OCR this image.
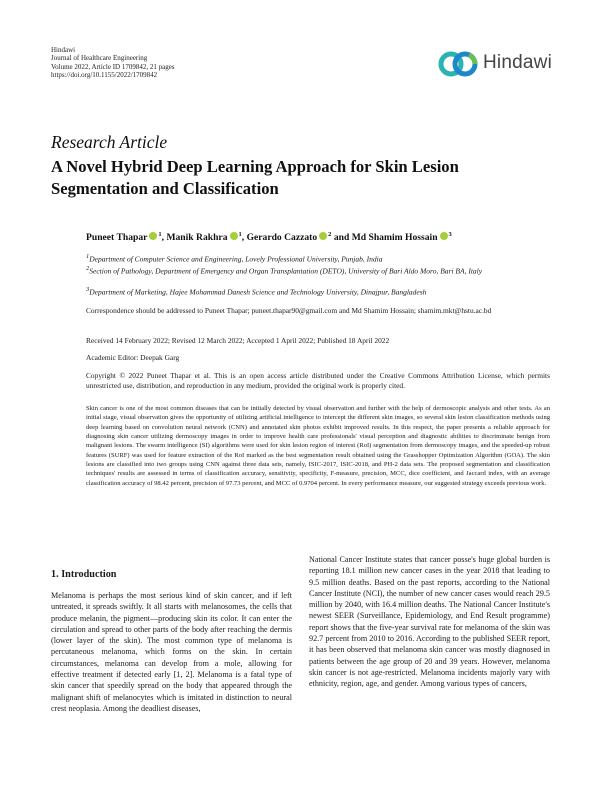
Hindawi
Journal of Healthcare Engineering
Volume 2022, Article ID 1709842, 21 pages
https://doi.org/10.1155/2022/1709842
Hindawi
Research Article
A Novel Hybrid Deep Learning Approach for Skin Lesion Segmentation and Classification
Puneet Thapar $^1$, Manik Rakhra $^1$, Gerardo Cazzato $^2$ and Md Shamim Hossain $^3$
$^1$Department of Computer Science and Engineering, Lovely Professional University, Punjab, India
$^2$Section of Pathology, Department of Emergency and Organ Transplantation (DETO), University of Bari Aldo Moro, Bari BA, Italy
$^3$Department of Marketing, Hajee Mohammad Danesh Science and Technology University, Dinajpur, Bangladesh
Correspondence should be addressed to Puneet Thapar; puneet.thapar90@gmail.com and Md Shamim Hossain; shamim.mkt@hstu.ac.bd
Received 14 February 2022; Revised 12 March 2022; Accepted 1 April 2022; Published 18 April 2022
Academic Editor: Deepak Garg
Copyright © 2022 Puneet Thapar et al. This is an open access article distributed under the Creative Commons Attribution License, which permits unrestricted use, distribution, and reproduction in any medium, provided the original work is properly cited.
Skin cancer is one of the most common diseases that can be initially detected by visual observation and further with the help of dermoscopic analysis and other tests. As an initial stage, visual observation gives the opportunity of utilizing artificial intelligence to intercept the different skin images, so several skin lesion classification methods using deep learning based on convolution neural network (CNN) and annotated skin photos exhibit improved results. In this respect, the paper presents a reliable approach for diagnosing skin cancer utilizing dermoscopy images in order to improve health care professionals' visual perception and diagnostic abilities to discriminate benign from malignant lesions. The swarm intelligence (SI) algorithms were used for skin lesion region of interest (RoI) segmentation from dermoscopy images, and the speeded-up robust features (SURF) was used for feature extraction of the RoI marked as the best segmentation result obtained using the Grasshopper Optimization Algorithm (GOA). The skin lesions are classified into two groups using CNN against three data sets, namely, ISIC-2017, ISIC-2018, and PH-2 data sets. The proposed segmentation and classification techniques' results are assessed in terms of classification accuracy, sensitivity, specificity, F-measure, precision, MCC, dice coefficient, and Jaccard index, with an average classification accuracy of 98.42 percent, precision of 97.73 percent, and MCC of 0.9704 percent. In every performance measure, our suggested strategy exceeds previous work.
1. Introduction
Melanoma is perhaps the most serious kind of skin cancer, and if left untreated, it spreads swiftly. It all starts with melanosomes, the cells that produce melanin, the pigment—producing skin its color. It can enter the circulation and spread to other parts of the body after reaching the dermis (lower layer of the skin). The most common type of melanoma is percutaneous melanoma, which forms on the skin. In certain circumstances, melanoma can develop from a mole, allowing for effective treatment if detected early [1, 2]. Melanoma is a fatal type of skin cancer that speedily spread on the body that appeared through the malignant shift of melanocytes which is imitated in distinction to neural crest neoplasia. Among the deadliest diseases,
National Cancer Institute states that cancer posse's huge global burden is reporting 18.1 million new cancer cases in the year 2018 that leading to 9.5 million deaths. Based on the past reports, according to the National Cancer Institute (NCI), the number of new cancer cases would reach 29.5 million by 2040, with 16.4 million deaths. The National Cancer Institute's newest SEER (Surveillance, Epidemiology, and End Result programme) report shows that the five-year survival rate for melanoma of the skin was 92.7 percent from 2010 to 2016. According to the published SEER report, it has been observed that melanoma skin cancer was mostly diagnosed in patients between the age group of 20 and 39 years. However, melanoma skin cancer is not age-restricted. Melanoma incidents majorly vary with ethnicity, region, age, and gender. Among various types of cancers,
